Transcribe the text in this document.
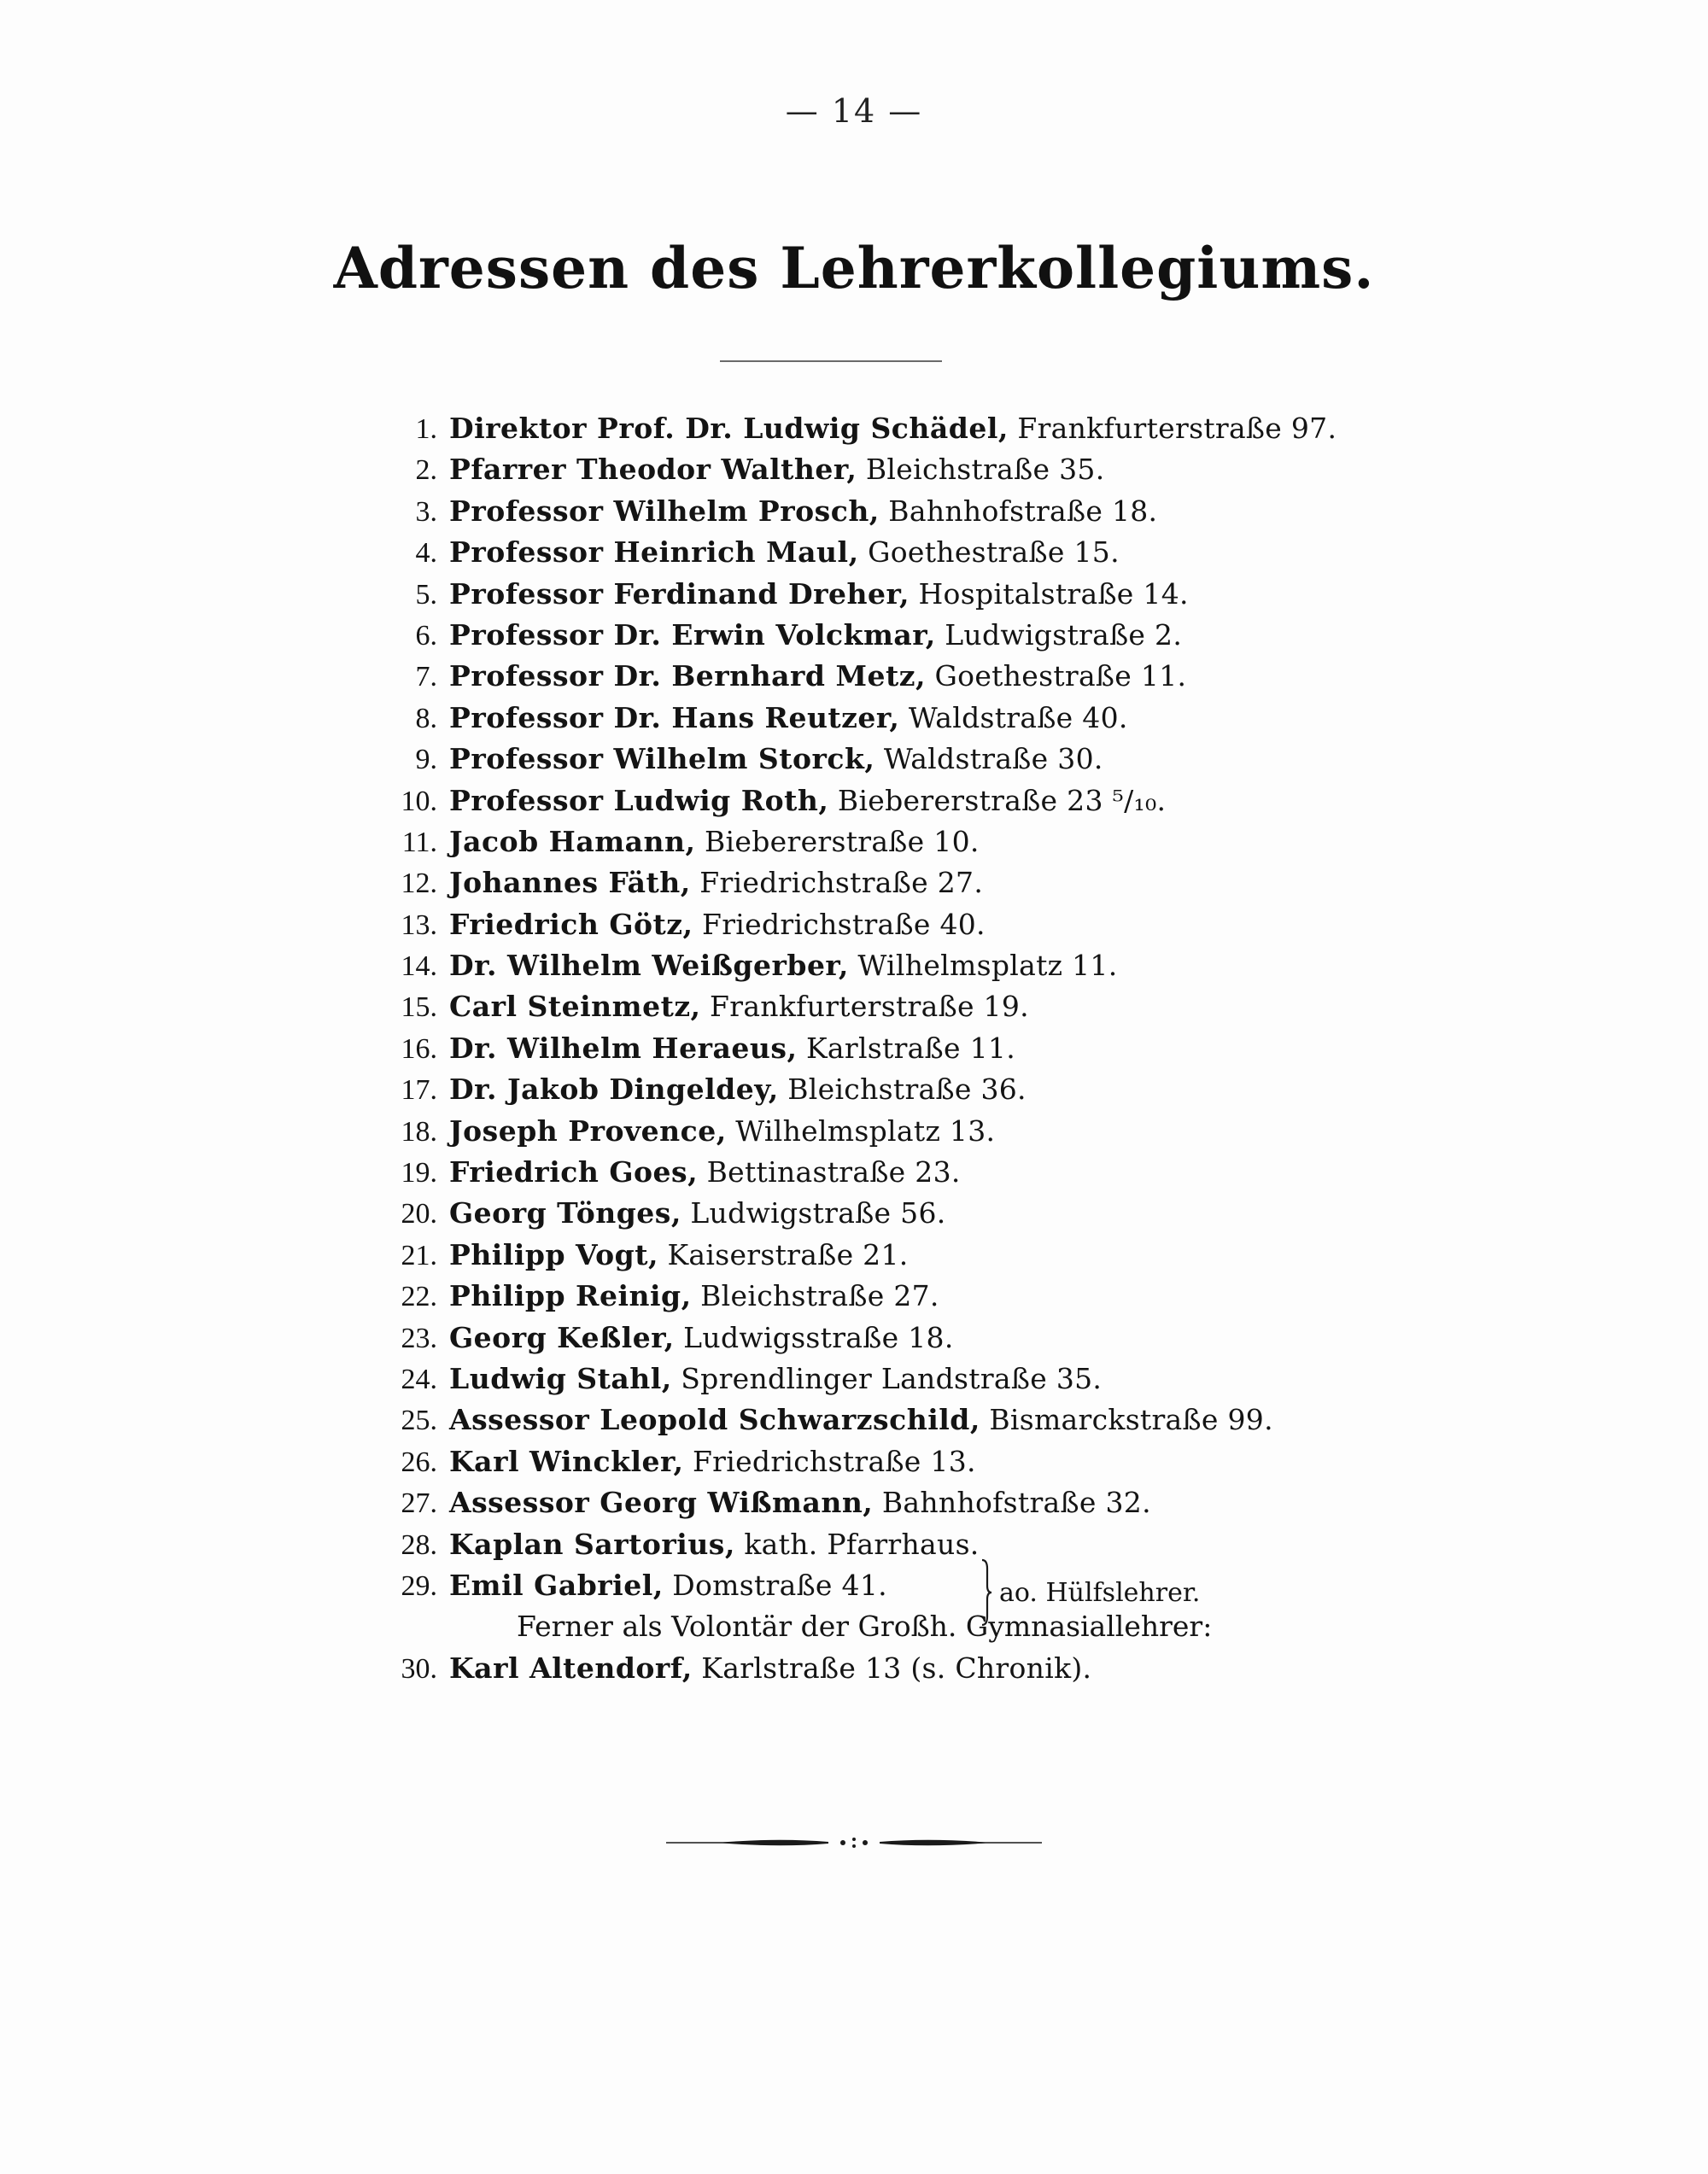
— 14 —
Adressen des Lehrerkollegiums.
1. Direktor Prof. Dr. Ludwig Schädel, Frankfurterstraße 97.
2. Pfarrer Theodor Walther, Bleichstraße 35.
3. Professor Wilhelm Prosch, Bahnhofstraße 18.
4. Professor Heinrich Maul, Goethestraße 15.
5. Professor Ferdinand Dreher, Hospitalstraße 14.
6. Professor Dr. Erwin Volckmar, Ludwigstraße 2.
7. Professor Dr. Bernhard Metz, Goethestraße 11.
8. Professor Dr. Hans Reutzer, Waldstraße 40.
9. Professor Wilhelm Storck, Waldstraße 30.
10. Professor Ludwig Roth, Biebererstraße 23 ⁵/₁₀.
11. Jacob Hamann, Biebererstraße 10.
12. Johannes Fäth, Friedrichstraße 27.
13. Friedrich Götz, Friedrichstraße 40.
14. Dr. Wilhelm Weißgerber, Wilhelmsplatz 11.
15. Carl Steinmetz, Frankfurterstraße 19.
16. Dr. Wilhelm Heraeus, Karlstraße 11.
17. Dr. Jakob Dingeldey, Bleichstraße 36.
18. Joseph Provence, Wilhelmsplatz 13.
19. Friedrich Goes, Bettinastraße 23.
20. Georg Tönges, Ludwigstraße 56.
21. Philipp Vogt, Kaiserstraße 21.
22. Philipp Reinig, Bleichstraße 27.
23. Georg Keßler, Ludwigsstraße 18.
24. Ludwig Stahl, Sprendlinger Landstraße 35.
25. Assessor Leopold Schwarzschild, Bismarckstraße 99.
26. Karl Winckler, Friedrichstraße 13.
27. Assessor Georg Wißmann, Bahnhofstraße 32.
28. Kaplan Sartorius, kath. Pfarrhaus.
29. Emil Gabriel, Domstraße 41.
Ferner als Volontär der Großh. Gymnasiallehrer:
30. Karl Altendorf, Karlstraße 13 (s. Chronik).
ao. Hülfslehrer.
